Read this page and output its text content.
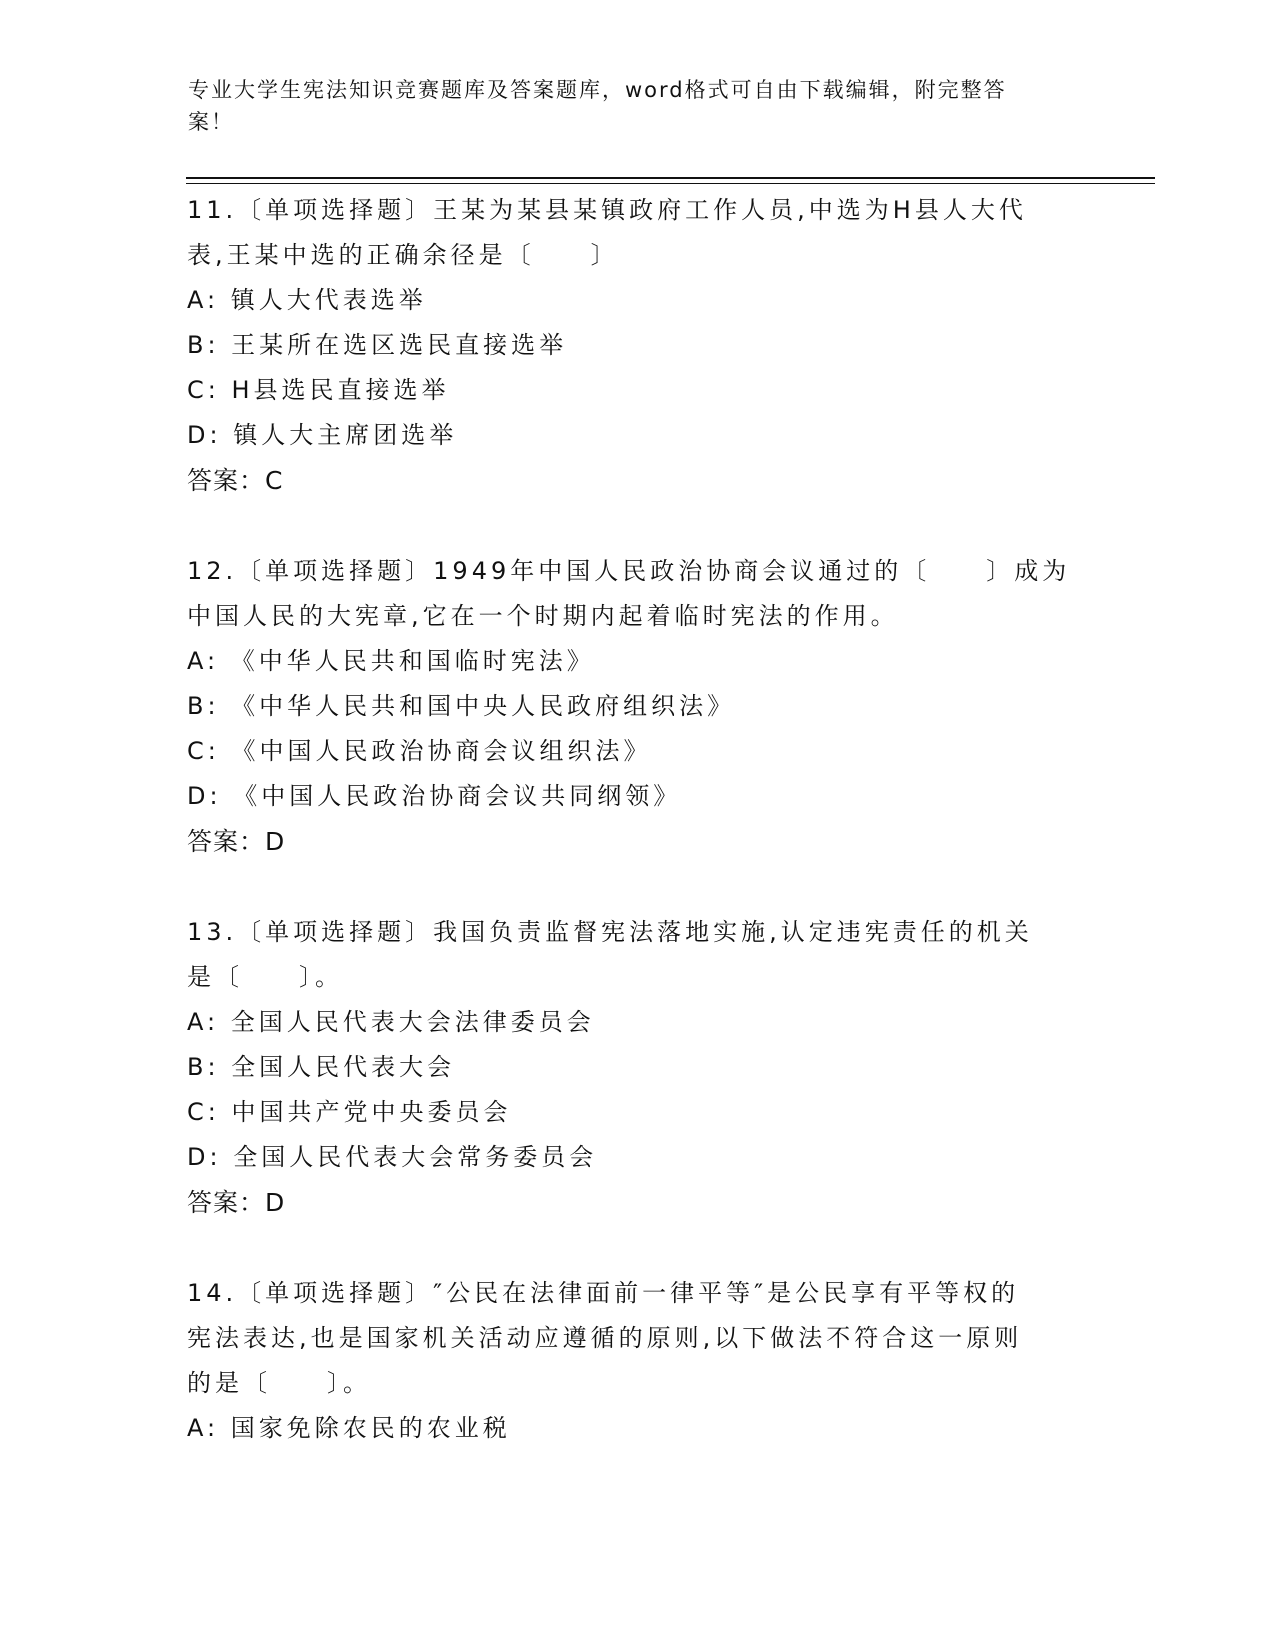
专业大学生宪法知识竞赛题库及答案题库，word格式可自由下载编辑，附完整答
案！

11.〔单项选择题〕王某为某县某镇政府工作人员,中选为H县人大代

表,王某中选的正确余径是〔　　〕

A: 镇人大代表选举

B: 王某所在选区选民直接选举

C: H县选民直接选举

D: 镇人大主席团选举

答案：C

12.〔单项选择题〕1949年中国人民政治协商会议通过的〔　　〕成为

中国人民的大宪章,它在一个时期内起着临时宪法的作用。

A: 《中华人民共和国临时宪法》

B: 《中华人民共和国中央人民政府组织法》

C: 《中国人民政治协商会议组织法》

D: 《中国人民政治协商会议共同纲领》

答案：D

13.〔单项选择题〕我国负责监督宪法落地实施,认定违宪责任的机关

是〔　　〕。

A: 全国人民代表大会法律委员会

B: 全国人民代表大会

C: 中国共产党中央委员会

D: 全国人民代表大会常务委员会

答案：D

14.〔单项选择题〕″公民在法律面前一律平等″是公民享有平等权的

宪法表达,也是国家机关活动应遵循的原则,以下做法不符合这一原则

的是〔　　〕。

A: 国家免除农民的农业税
